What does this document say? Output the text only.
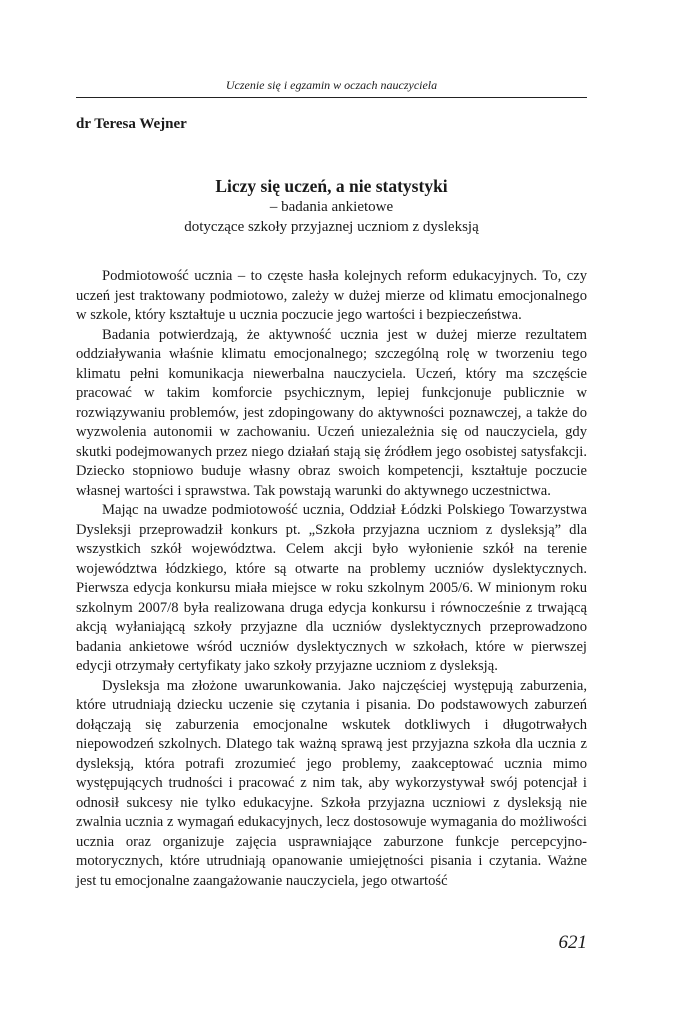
Uczenie się i egzamin w oczach nauczyciela
dr Teresa Wejner

Liczy się uczeń, a nie statystyki

– badania ankietowe

dotyczące szkoły przyjaznej uczniom z dysleksją

Podmiotowość ucznia – to częste hasła kolejnych reform edukacyjnych. To, czy uczeń jest traktowany podmiotowo, zależy w dużej mierze od klimatu emocjonalnego w szkole, który kształtuje u ucznia poczucie jego wartości i bezpieczeństwa.

Badania potwierdzają, że aktywność ucznia jest w dużej mierze rezultatem oddziaływania właśnie klimatu emocjonalnego; szczególną rolę w tworzeniu tego klimatu pełni komunikacja niewerbalna nauczyciela. Uczeń, który ma szczęście pracować w takim komforcie psychicznym, lepiej funkcjonuje publicznie w rozwiązywaniu problemów, jest zdopingowany do aktywności poznawczej, a także do wyzwolenia autonomii w zachowaniu. Uczeń uniezależnia się od nauczyciela, gdy skutki podejmowanych przez niego działań stają się źródłem jego osobistej satysfakcji. Dziecko stopniowo buduje własny obraz swoich kompetencji, kształtuje poczucie własnej wartości i sprawstwa. Tak powstają warunki do aktywnego uczestnictwa.

Mając na uwadze podmiotowość ucznia, Oddział Łódzki Polskiego Towarzystwa Dysleksji przeprowadził konkurs pt. „Szkoła przyjazna uczniom z dysleksją” dla wszystkich szkół województwa. Celem akcji było wyłonienie szkół na terenie województwa łódzkiego, które są otwarte na problemy uczniów dyslektycznych. Pierwsza edycja konkursu miała miejsce w roku szkolnym 2005/6. W minionym roku szkolnym 2007/8 była realizowana druga edycja konkursu i równocześnie z trwającą akcją wyłaniającą szkoły przyjazne dla uczniów dyslektycznych przeprowadzono badania ankietowe wśród uczniów dyslektycznych w szkołach, które w pierwszej edycji otrzymały certyfikaty jako szkoły przyjazne uczniom z dysleksją.

Dysleksja ma złożone uwarunkowania. Jako najczęściej występują zaburzenia, które utrudniają dziecku uczenie się czytania i pisania. Do podstawowych zaburzeń dołączają się zaburzenia emocjonalne wskutek dotkliwych i długotrwałych niepowodzeń szkolnych. Dlatego tak ważną sprawą jest przyjazna szkoła dla ucznia z dysleksją, która potrafi zrozumieć jego problemy, zaakceptować ucznia mimo występujących trudności i pracować z nim tak, aby wykorzystywał swój potencjał i odnosił sukcesy nie tylko edukacyjne. Szkoła przyjazna uczniowi z dysleksją nie zwalnia ucznia z wymagań edukacyjnych, lecz dostosowuje wymagania do możliwości ucznia oraz organizuje zajęcia usprawniające zaburzone funkcje percepcyjno-motorycznych, które utrudniają opanowanie umiejętności pisania i czytania. Ważne jest tu emocjonalne zaangażowanie nauczyciela, jego otwartość

621
